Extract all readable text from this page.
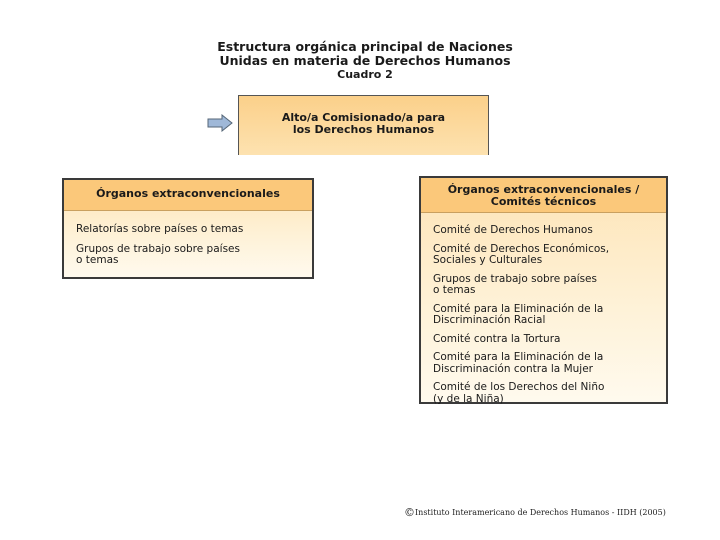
Estructura orgánica principal de Naciones
Unidas en materia de Derechos Humanos
Cuadro 2
Alto/a Comisionado/a para
los Derechos Humanos
Órganos extraconvencionales
Relatorías sobre países o temas
Grupos de trabajo sobre países
o temas
Órganos extraconvencionales /
Comités técnicos
Comité de Derechos Humanos
Comité de Derechos Económicos,
Sociales y Culturales
Grupos de trabajo sobre países
o temas
Comité para la Eliminación de la
Discriminación Racial
Comité contra la Tortura
Comité para la Eliminación de la
Discriminación contra la Mujer
Comité de los Derechos del Niño
(y de la Niña)
©Instituto Interamericano de Derechos Humanos - IIDH (2005)
